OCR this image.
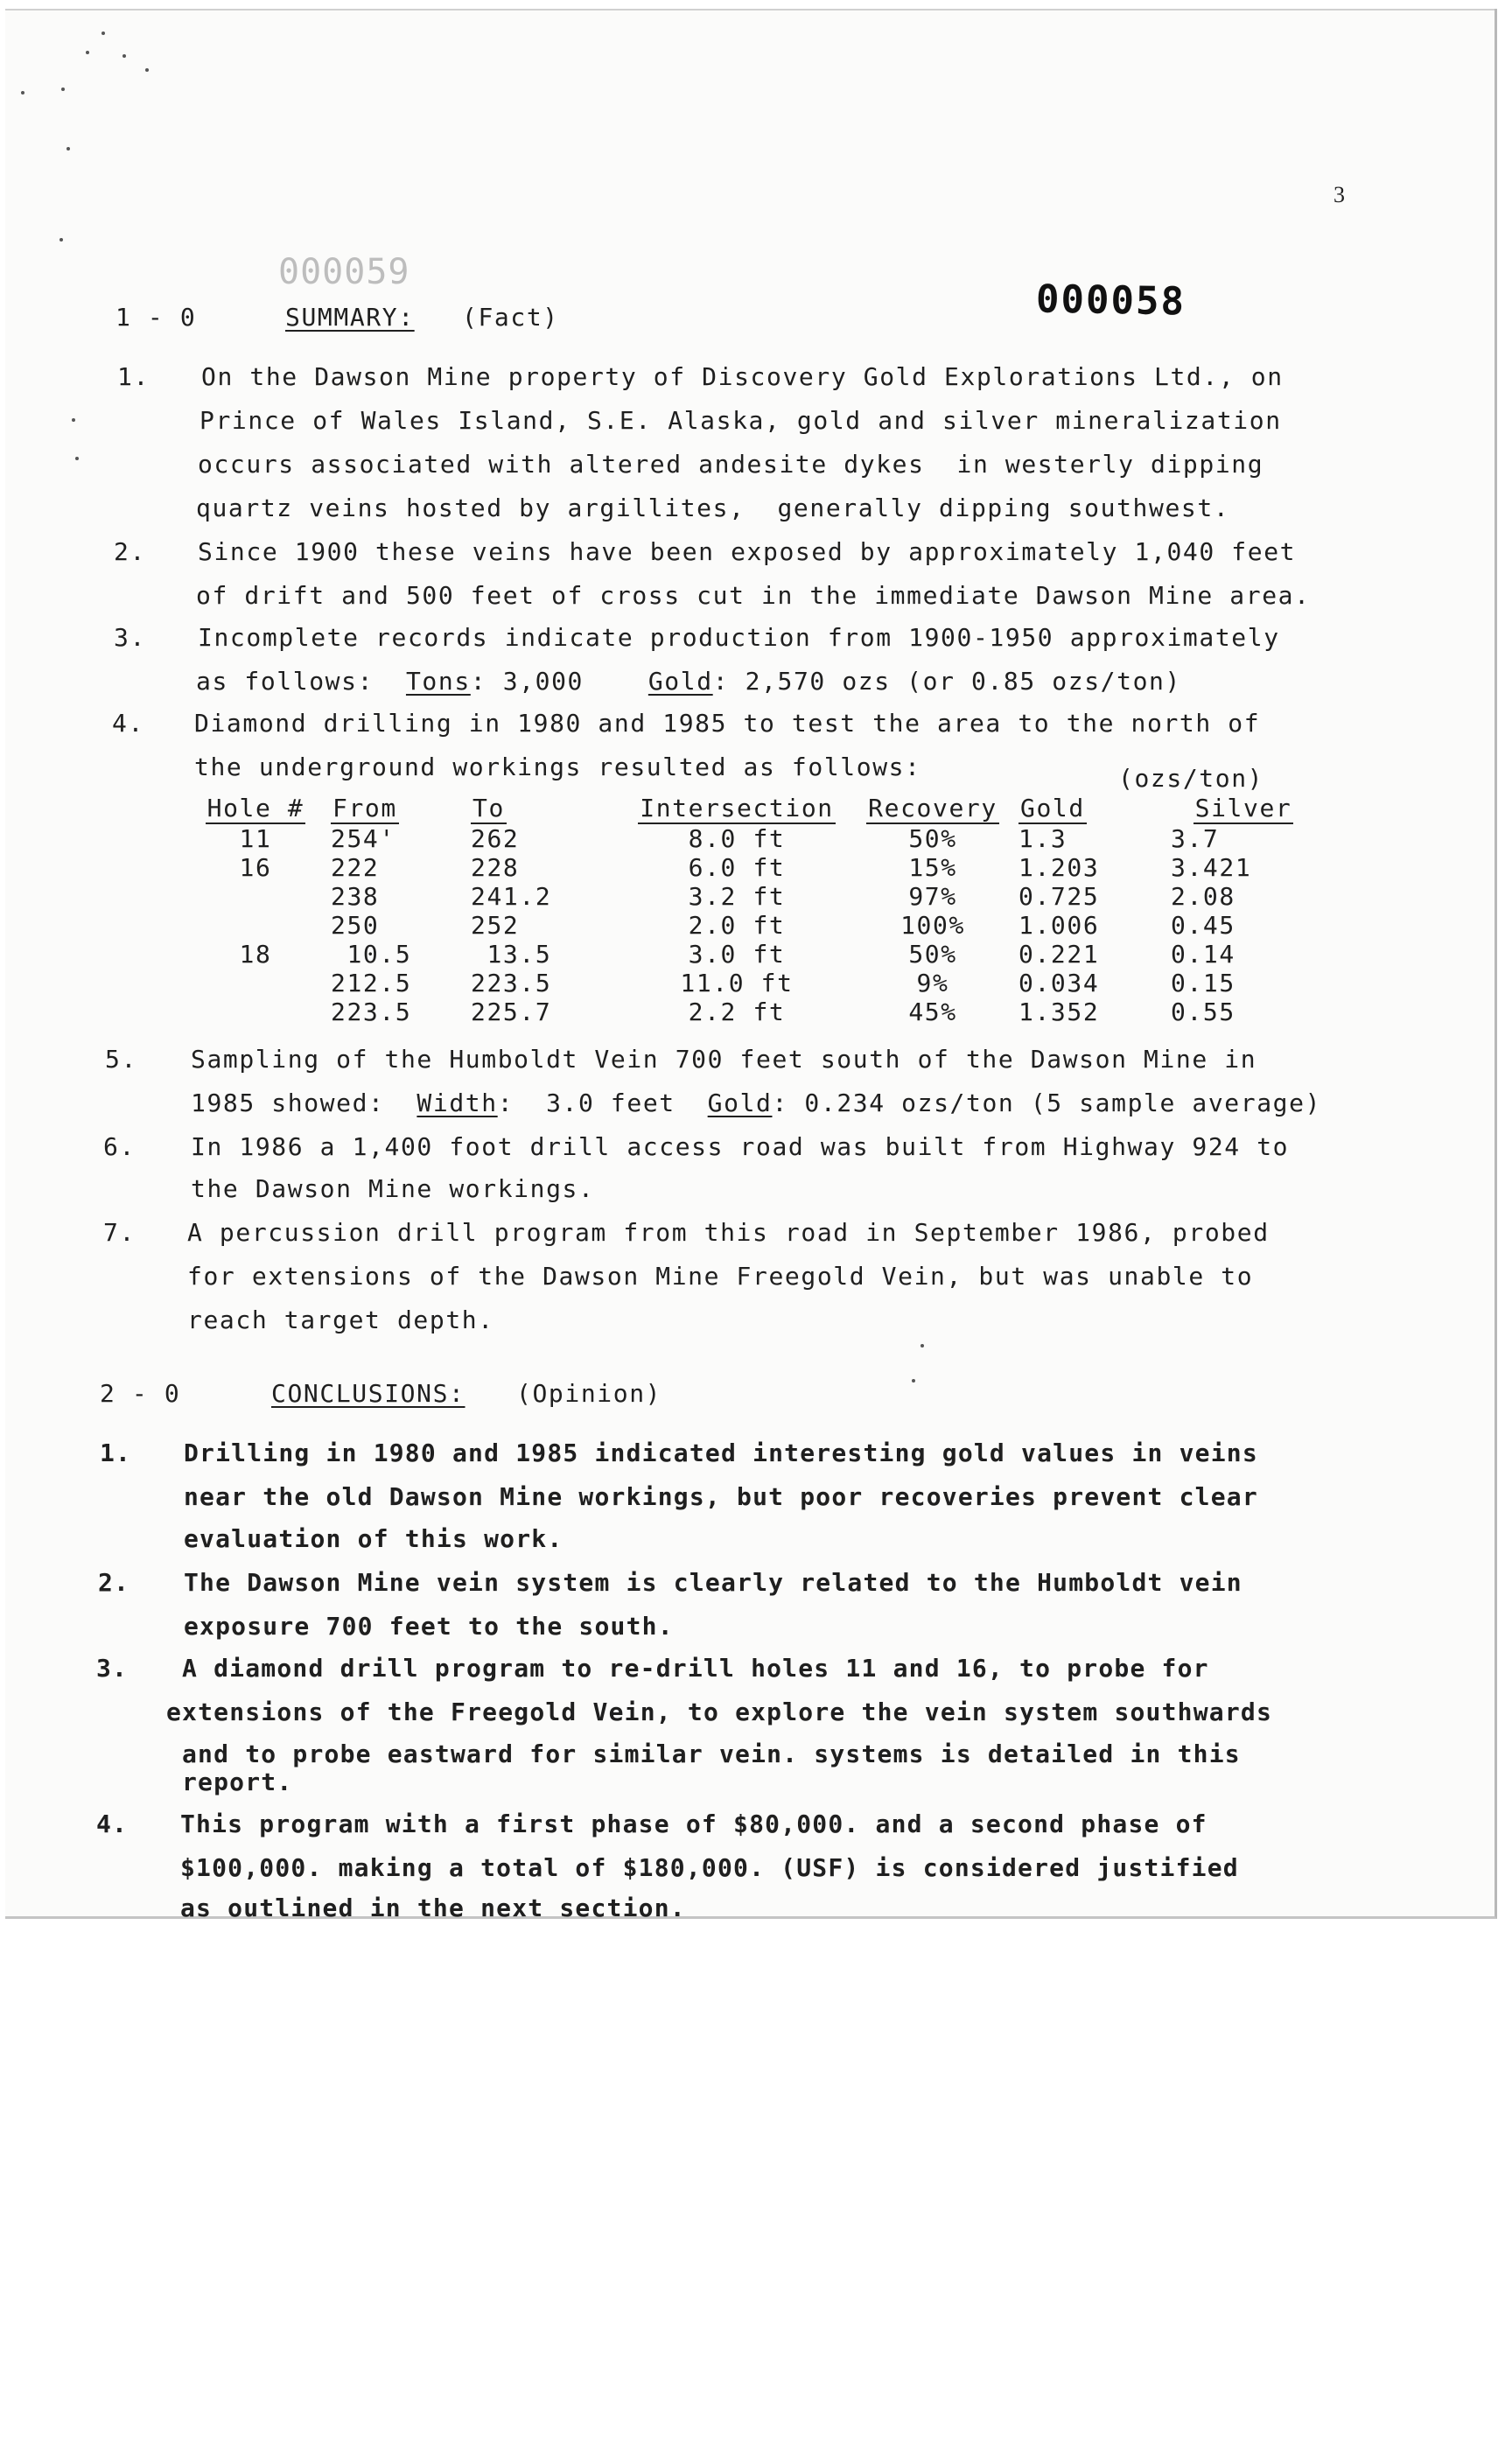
3
000059
000058
1 - 0	SUMMARY: (Fact)
1. On the Dawson Mine property of Discovery Gold Explorations Ltd., on
Prince of Wales Island, S.E. Alaska, gold and silver mineralization
occurs associated with altered andesite dykes  in westerly dipping
quartz veins hosted by argillites,  generally dipping southwest.
2. Since 1900 these veins have been exposed by approximately 1,040 feet
of drift and 500 feet of cross cut in the immediate Dawson Mine area.
3. Incomplete records indicate production from 1900-1950 approximately
as follows:  Tons: 3,000    Gold: 2,570 ozs (or 0.85 ozs/ton)
4. Diamond drilling in 1980 and 1985 to test the area to the north of
the underground workings resulted as follows:	(ozs/ton)
Hole #	From	To	Intersection	Recovery	Gold	Silver
11	254'	262	8.0 ft	50%	1.3	3.7
16	222	228	6.0 ft	15%	1.203	3.421
	238	241.2	3.2 ft	97%	0.725	2.08
	250	252	2.0 ft	100%	1.006	0.45
18	10.5	13.5	3.0 ft	50%	0.221	0.14
	212.5	223.5	11.0 ft	9%	0.034	0.15
	223.5	225.7	2.2 ft	45%	1.352	0.55
5. Sampling of the Humboldt Vein 700 feet south of the Dawson Mine in
1985 showed:  Width:  3.0 feet  Gold: 0.234 ozs/ton (5 sample average)
6. In 1986 a 1,400 foot drill access road was built from Highway 924 to
the Dawson Mine workings.
7. A percussion drill program from this road in September 1986, probed
for extensions of the Dawson Mine Freegold Vein, but was unable to
reach target depth.
2 - 0	CONCLUSIONS: (Opinion)
1. Drilling in 1980 and 1985 indicated interesting gold values in veins
near the old Dawson Mine workings, but poor recoveries prevent clear
evaluation of this work.
2. The Dawson Mine vein system is clearly related to the Humboldt vein
exposure 700 feet to the south.
3. A diamond drill program to re-drill holes 11 and 16, to probe for
extensions of the Freegold Vein, to explore the vein system southwards
and to probe eastward for similar vein. systems is detailed in this
report.
4. This program with a first phase of $80,000. and a second phase of
$100,000. making a total of $180,000. (USF) is considered justified
as outlined in the next section.
